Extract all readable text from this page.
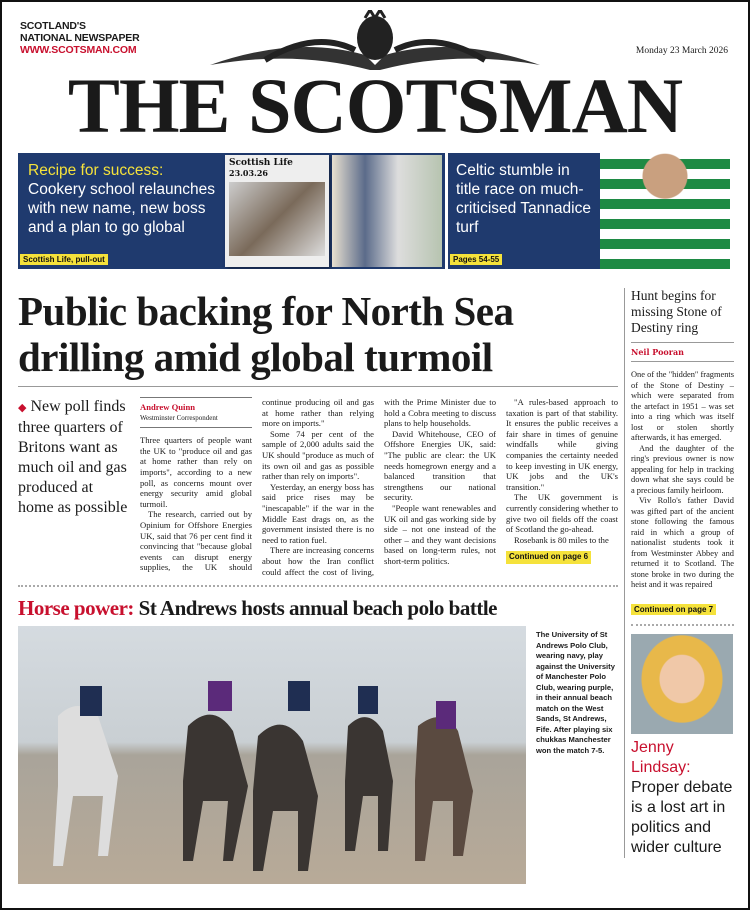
SCOTLAND'S
NATIONAL NEWSPAPER
WWW.SCOTSMAN.COM	Monday 23 March 2026
THE SCOTSMAN
Recipe for success:
Cookery school relaunches with new name, new boss and a plan to go global
Scottish Life, pull-out
Scottish Life
23.03.26	Celtic stumble in title race on much-criticised Tannadice turf
Pages 54-55
Public backing for North Sea drilling amid global turmoil
◆ New poll finds three quarters of Britons want as much oil and gas produced at home as possible
Andrew Quinn
Westminster Correspondent

Three quarters of people want the UK to "produce oil and gas at home rather than rely on imports", according to a new poll, as concerns mount over energy security amid global turmoil.

The research, carried out by Opinium for Offshore Energies UK, said that 76 per cent find it convincing that "because global events can disrupt energy supplies, the UK should continue producing oil and gas at home rather than relying more on imports."

Some 74 per cent of the sample of 2,000 adults said the UK should "produce as much of its own oil and gas as possible rather than rely on imports".

Yesterday, an energy boss has said price rises may be "inescapable" if the war in the Middle East drags on, as the government insisted there is no need to ration fuel.

There are increasing concerns about how the Iran conflict could affect the cost of living, with the Prime Minister due to hold a Cobra meeting to discuss plans to help households.

David Whitehouse, CEO of Offshore Energies UK, said: "The public are clear: the UK needs homegrown energy and a balanced transition that strengthens our national security.

"People want renewables and UK oil and gas working side by side – not one instead of the other – and they want decisions based on long-term rules, not short-term politics.

"A rules-based approach to taxation is part of that stability. It ensures the public receives a fair share in times of genuine windfalls while giving companies the certainty needed to keep investing in UK energy, UK jobs and the UK's transition."

The UK government is currently considering whether to give two oil fields off the coast of Scotland the go-ahead.

Rosebank is 80 miles to the

Continued on page 6
Horse power: St Andrews hosts annual beach polo battle
The University of St Andrews Polo Club, wearing navy, play against the University of Manchester Polo Club, wearing purple, in their annual beach match on the West Sands, St Andrews, Fife. After playing six chukkas Manchester won the match 7-5.
Hunt begins for missing Stone of Destiny ring
Neil Pooran

One of the "hidden" fragments of the Stone of Destiny – which were separated from the artefact in 1951 – was set into a ring which was itself lost or stolen shortly afterwards, it has emerged.

And the daughter of the ring's previous owner is now appealing for help in tracking down what she says could be a precious family heirloom.

Viv Rollo's father David was gifted part of the ancient stone following the famous raid in which a group of nationalist students took it from Westminster Abbey and returned it to Scotland. The stone broke in two during the heist and it was repaired

Continued on page 7
Jenny Lindsay:
Proper debate is a lost art in politics and wider culture
